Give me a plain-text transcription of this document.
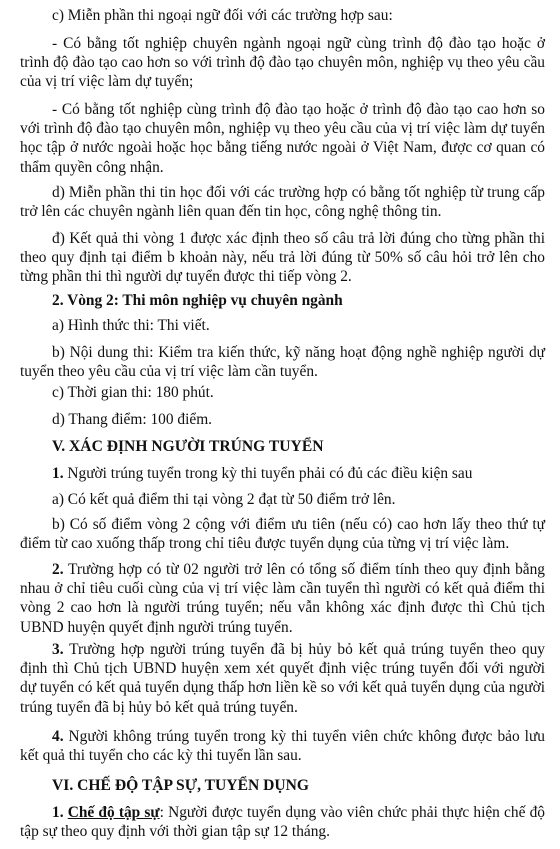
c) Miễn phần thi ngoại ngữ đối với các trường hợp sau:

- Có bằng tốt nghiệp chuyên ngành ngoại ngữ cùng trình độ đào tạo hoặc ở trình độ đào tạo cao hơn so với trình độ đào tạo chuyên môn, nghiệp vụ theo yêu cầu của vị trí việc làm dự tuyển;

- Có bằng tốt nghiệp cùng trình độ đào tạo hoặc ở trình độ đào tạo cao hơn so với trình độ đào tạo chuyên môn, nghiệp vụ theo yêu cầu của vị trí việc làm dự tuyển học tập ở nước ngoài hoặc học bằng tiếng nước ngoài ở Việt Nam, được cơ quan có thẩm quyền công nhận.

d) Miễn phần thi tin học đối với các trường hợp có bằng tốt nghiệp từ trung cấp trở lên các chuyên ngành liên quan đến tin học, công nghệ thông tin.

đ) Kết quả thi vòng 1 được xác định theo số câu trả lời đúng cho từng phần thi theo quy định tại điểm b khoản này, nếu trả lời đúng từ 50% số câu hỏi trở lên cho từng phần thi thì người dự tuyển được thi tiếp vòng 2.

2. Vòng 2: Thi môn nghiệp vụ chuyên ngành

a) Hình thức thi: Thi viết.

b) Nội dung thi: Kiểm tra kiến thức, kỹ năng hoạt động nghề nghiệp người dự tuyển theo yêu cầu của vị trí việc làm cần tuyển.

c) Thời gian thi: 180 phút.

d) Thang điểm: 100 điểm.

V. XÁC ĐỊNH NGƯỜI TRÚNG TUYỂN

1. Người trúng tuyển trong kỳ thi tuyển phải có đủ các điều kiện sau

a) Có kết quả điểm thi tại vòng 2 đạt từ 50 điểm trở lên.

b) Có số điểm vòng 2 cộng với điểm ưu tiên (nếu có) cao hơn lấy theo thứ tự điểm từ cao xuống thấp trong chỉ tiêu được tuyển dụng của từng vị trí việc làm.

2. Trường hợp có từ 02 người trở lên có tổng số điểm tính theo quy định bằng nhau ở chỉ tiêu cuối cùng của vị trí việc làm cần tuyển thì người có kết quả điểm thi vòng 2 cao hơn là người trúng tuyển; nếu vẫn không xác định được thì Chủ tịch UBND huyện quyết định người trúng tuyển.

3. Trường hợp người trúng tuyển đã bị hủy bỏ kết quả trúng tuyển theo quy định thì Chủ tịch UBND huyện xem xét quyết định việc trúng tuyển đối với người dự tuyển có kết quả tuyển dụng thấp hơn liền kề so với kết quả tuyển dụng của người trúng tuyển đã bị hủy bỏ kết quả trúng tuyển.

4. Người không trúng tuyển trong kỳ thi tuyển viên chức không được bảo lưu kết quả thi tuyển cho các kỳ thi tuyển lần sau.

VI. CHẾ ĐỘ TẬP SỰ, TUYỂN DỤNG

1. Chế độ tập sự: Người được tuyển dụng vào viên chức phải thực hiện chế độ tập sự theo quy định với thời gian tập sự 12 tháng.
